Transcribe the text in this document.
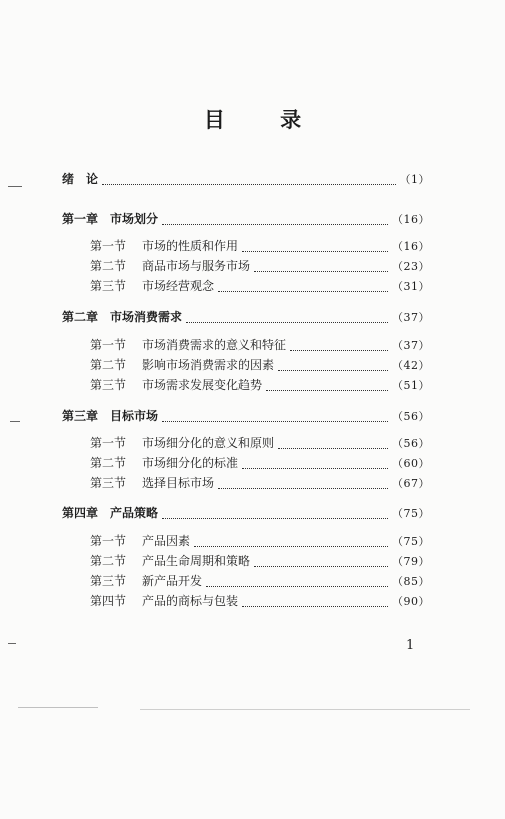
目 录
绪　论	（1）
第一章　市场划分	（16）
第一节 市场的性质和作用	（16）
第二节 商品市场与服务市场	（23）
第三节 市场经营观念	（31）
第二章　市场消费需求	（37）
第一节 市场消费需求的意义和特征	（37）
第二节 影响市场消费需求的因素	（42）
第三节 市场需求发展变化趋势	（51）
第三章　目标市场	（56）
第一节 市场细分化的意义和原则	（56）
第二节 市场细分化的标准	（60）
第三节 选择目标市场	（67）
第四章　产品策略	（75）
第一节 产品因素	（75）
第二节 产品生命周期和策略	（79）
第三节 新产品开发	（85）
第四节 产品的商标与包装	（90）
1
